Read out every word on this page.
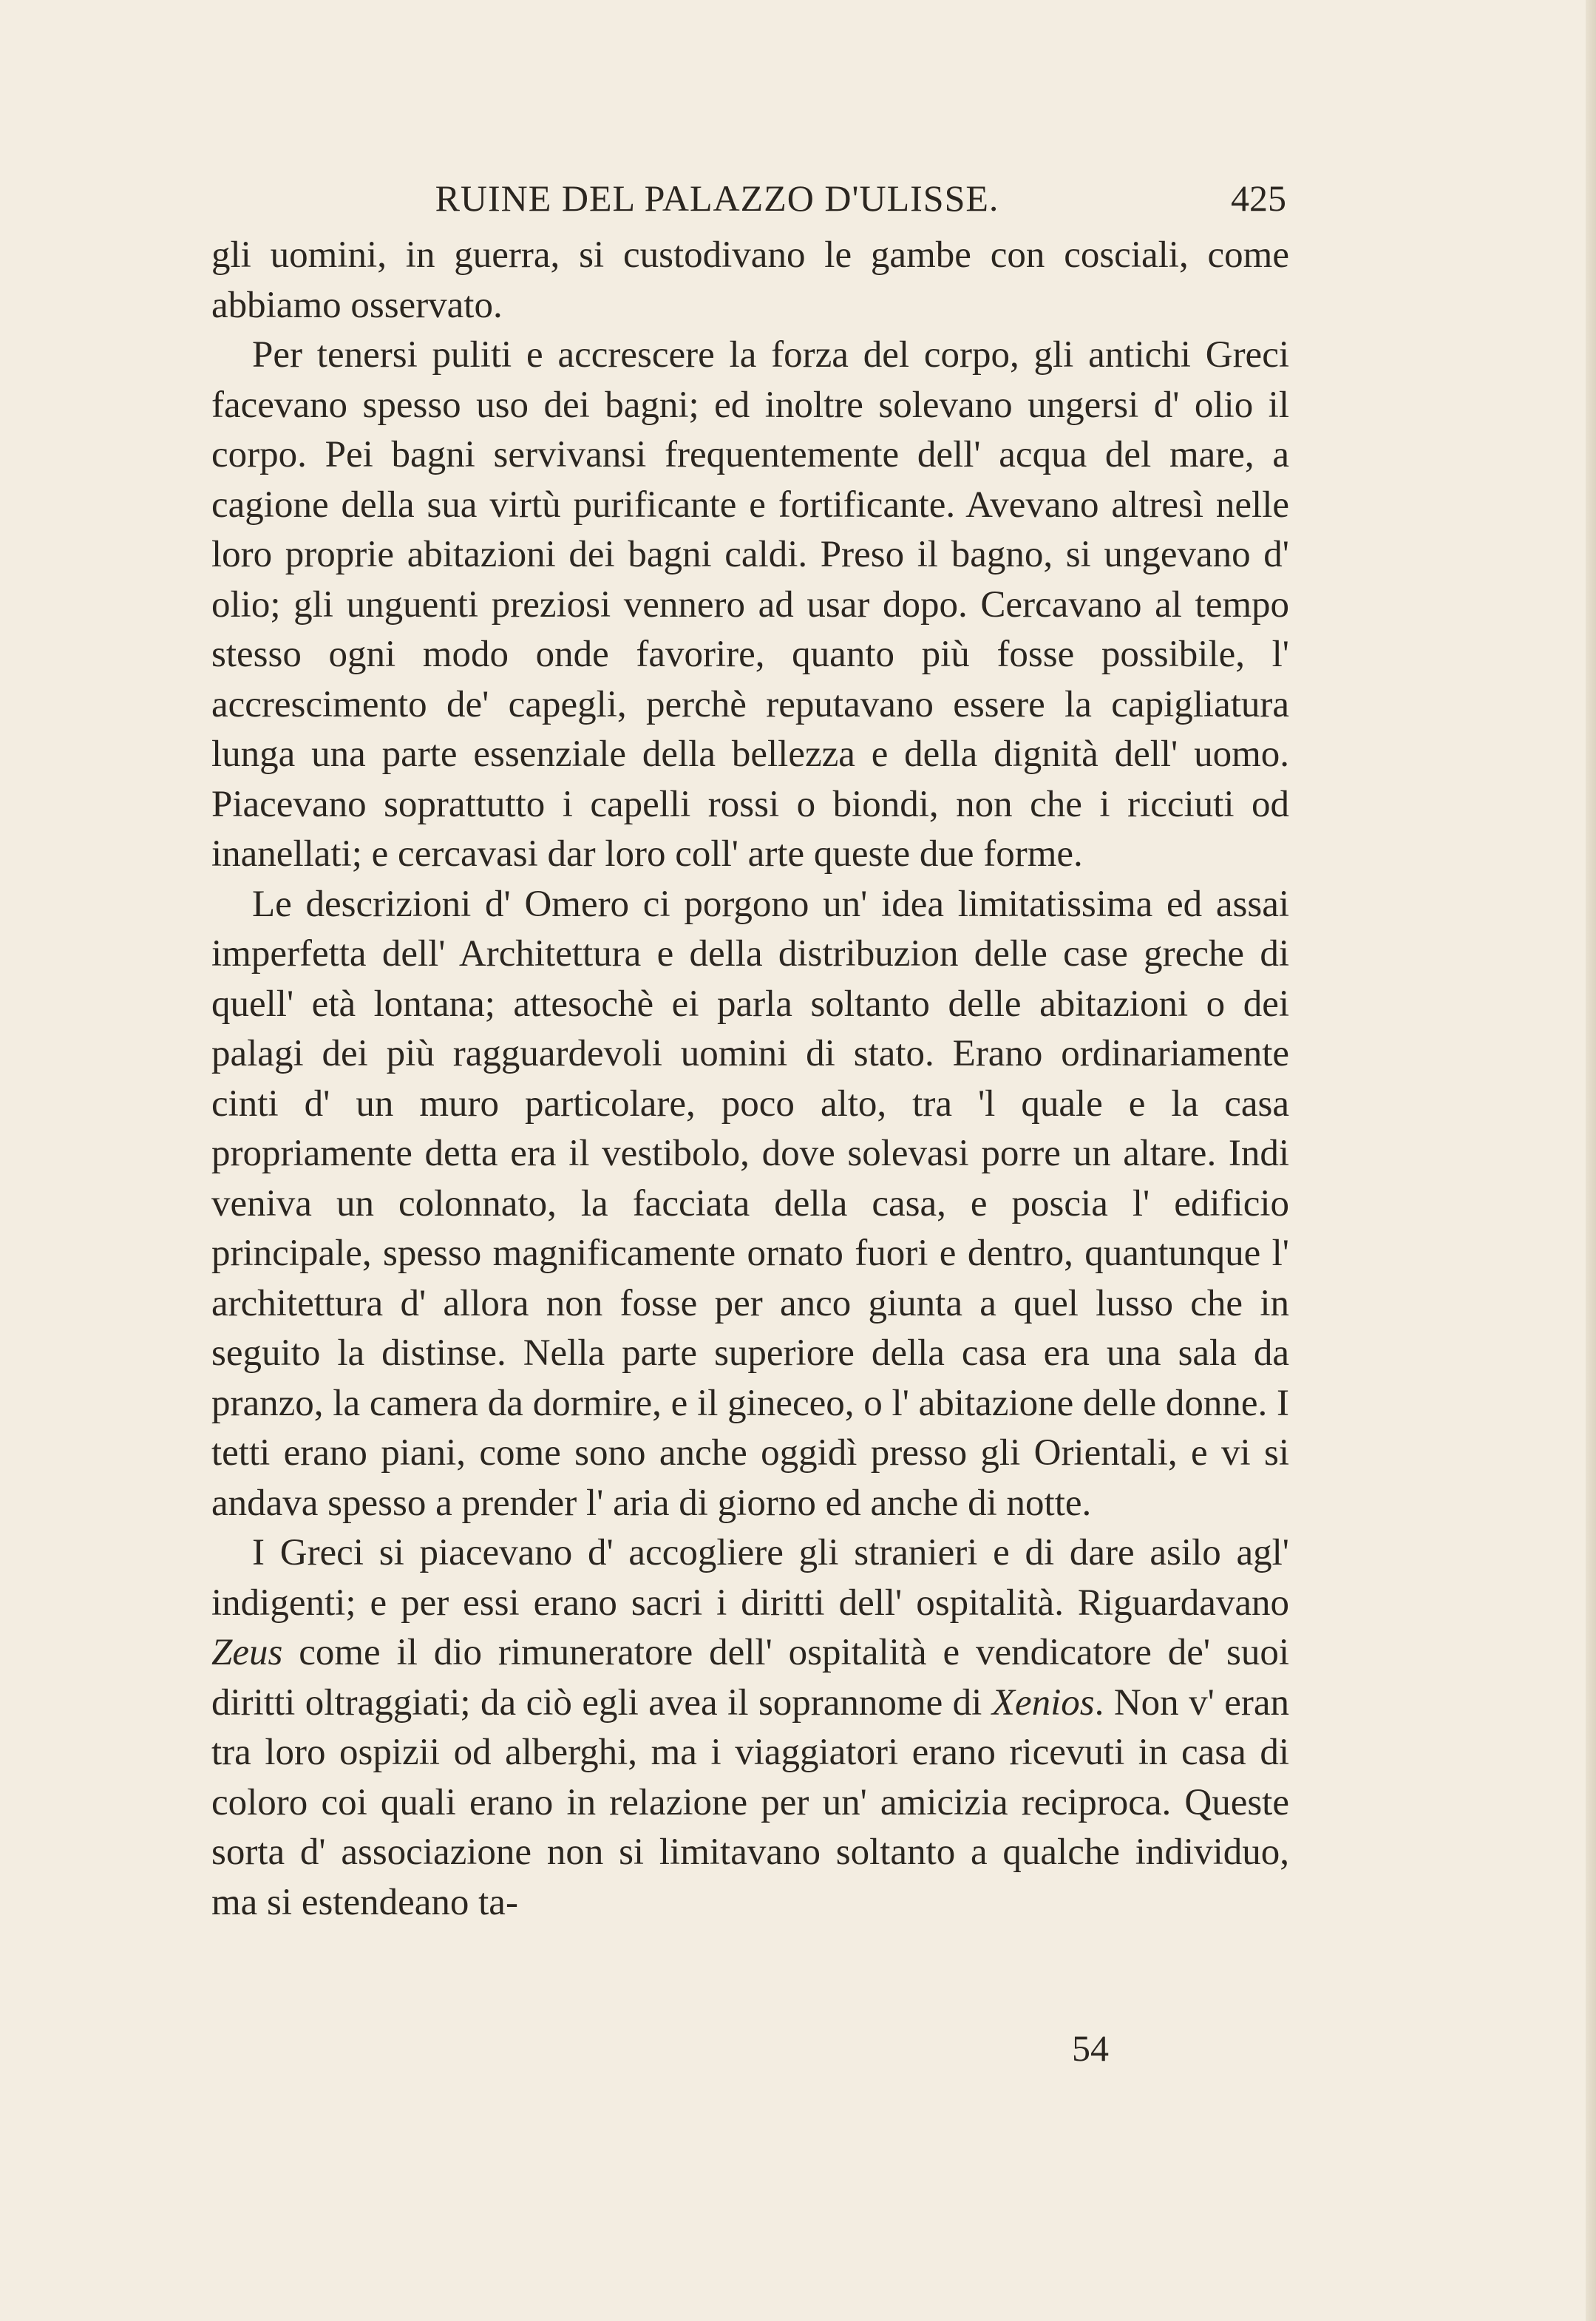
RUINE DEL PALAZZO D'ULISSE.	425

gli uomini, in guerra, si custodivano le gambe con cosciali, come abbiamo osservato.

Per tenersi puliti e accrescere la forza del corpo, gli antichi Greci facevano spesso uso dei bagni; ed inoltre solevano ungersi d' olio il corpo. Pei bagni servivansi frequentemente dell' acqua del mare, a cagione della sua virtù purificante e fortificante. Avevano altresì nelle loro proprie abitazioni dei bagni caldi. Preso il bagno, si ungevano d' olio; gli unguenti preziosi vennero ad usar dopo. Cercavano al tempo stesso ogni modo onde favorire, quanto più fosse possibile, l' accrescimento de' capegli, perchè reputavano essere la capigliatura lunga una parte essenziale della bellezza e della dignità dell' uomo. Piacevano soprattutto i capelli rossi o biondi, non che i ricciuti od inanellati; e cercavasi dar loro coll' arte queste due forme.

Le descrizioni d' Omero ci porgono un' idea limitatissima ed assai imperfetta dell' Architettura e della distribuzion delle case greche di quell' età lontana; attesochè ei parla soltanto delle abitazioni o dei palagi dei più ragguardevoli uomini di stato. Erano ordinariamente cinti d' un muro particolare, poco alto, tra 'l quale e la casa propriamente detta era il vestibolo, dove solevasi porre un altare. Indi veniva un colonnato, la facciata della casa, e poscia l' edificio principale, spesso magnificamente ornato fuori e dentro, quantunque l' architettura d' allora non fosse per anco giunta a quel lusso che in seguito la distinse. Nella parte superiore della casa era una sala da pranzo, la camera da dormire, e il gineceo, o l' abitazione delle donne. I tetti erano piani, come sono anche oggidì presso gli Orientali, e vi si andava spesso a prender l' aria di giorno ed anche di notte.

I Greci si piacevano d' accogliere gli stranieri e di dare asilo agl' indigenti; e per essi erano sacri i diritti dell' ospitalità. Riguardavano Zeus come il dio rimuneratore dell' ospitalità e vendicatore de' suoi diritti oltraggiati; da ciò egli avea il soprannome di Xenios. Non v' eran tra loro ospizii od alberghi, ma i viaggiatori erano ricevuti in casa di coloro coi quali erano in relazione per un' amicizia reciproca. Queste sorta d' associazione non si limitavano soltanto a qualche individuo, ma si estendeano ta-

54
